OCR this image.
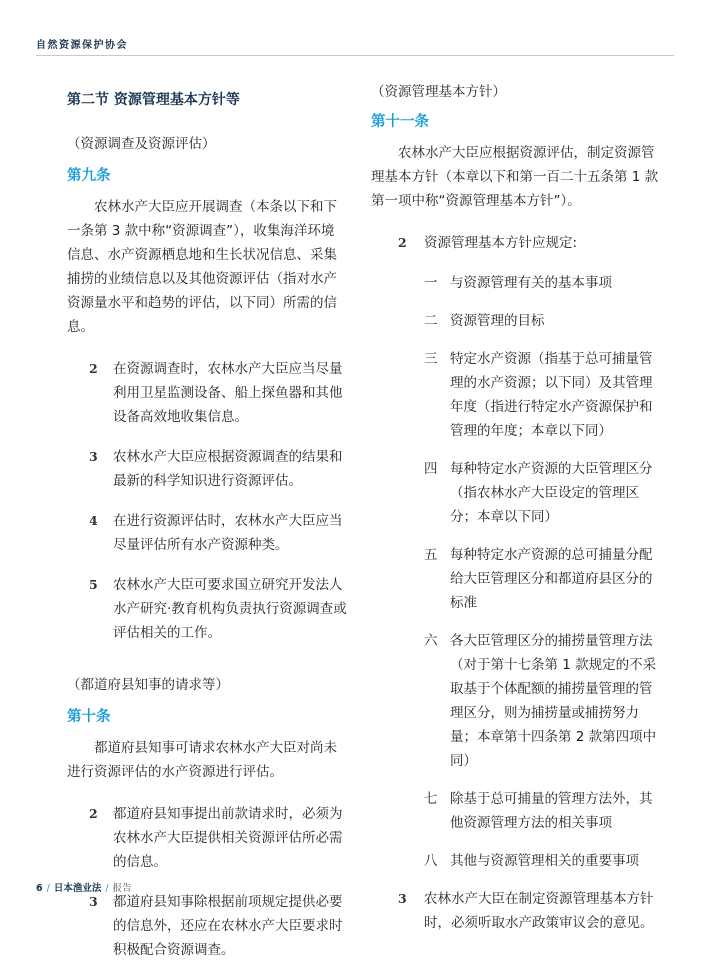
自然资源保护协会
第二节 资源管理基本方针等
（资源调查及资源评估）
第九条
农林水产大臣应开展调查（本条以下和下一条第 3 款中称“资源调查”），收集海洋环境信息、水产资源栖息地和生长状况信息、采集捕捞的业绩信息以及其他资源评估（指对水产资源量水平和趋势的评估，以下同）所需的信息。
2	在资源调查时，农林水产大臣应当尽量利用卫星监测设备、船上探鱼器和其他设备高效地收集信息。
3	农林水产大臣应根据资源调查的结果和最新的科学知识进行资源评估。
4	在进行资源评估时，农林水产大臣应当尽量评估所有水产资源种类。
5	农林水产大臣可要求国立研究开发法人水产研究·教育机构负责执行资源调查或评估相关的工作。
（都道府县知事的请求等）
第十条
都道府县知事可请求农林水产大臣对尚未进行资源评估的水产资源进行评估。
2	都道府县知事提出前款请求时，必须为农林水产大臣提供相关资源评估所必需的信息。
3	都道府县知事除根据前项规定提供必要的信息外，还应在农林水产大臣要求时积极配合资源调查。
（资源管理基本方针）
第十一条
农林水产大臣应根据资源评估，制定资源管理基本方针（本章以下和第一百二十五条第 1 款第一项中称“资源管理基本方针”）。
2	资源管理基本方针应规定:
一 与资源管理有关的基本事项
二 资源管理的目标
三 特定水产资源（指基于总可捕量管理的水产资源；以下同）及其管理年度（指进行特定水产资源保护和管理的年度；本章以下同）
四 每种特定水产资源的大臣管理区分（指农林水产大臣设定的管理区分；本章以下同）
五 每种特定水产资源的总可捕量分配给大臣管理区分和都道府县区分的标准
六 各大臣管理区分的捕捞量管理方法（对于第十七条第 1 款规定的不采取基于个体配额的捕捞量管理的管理区分，则为捕捞量或捕捞努力量；本章第十四条第 2 款第四项中同）
七 除基于总可捕量的管理方法外，其他资源管理方法的相关事项
八 其他与资源管理相关的重要事项
3	农林水产大臣在制定资源管理基本方针时，必须听取水产政策审议会的意见。
6 / 日本渔业法 / 报告
